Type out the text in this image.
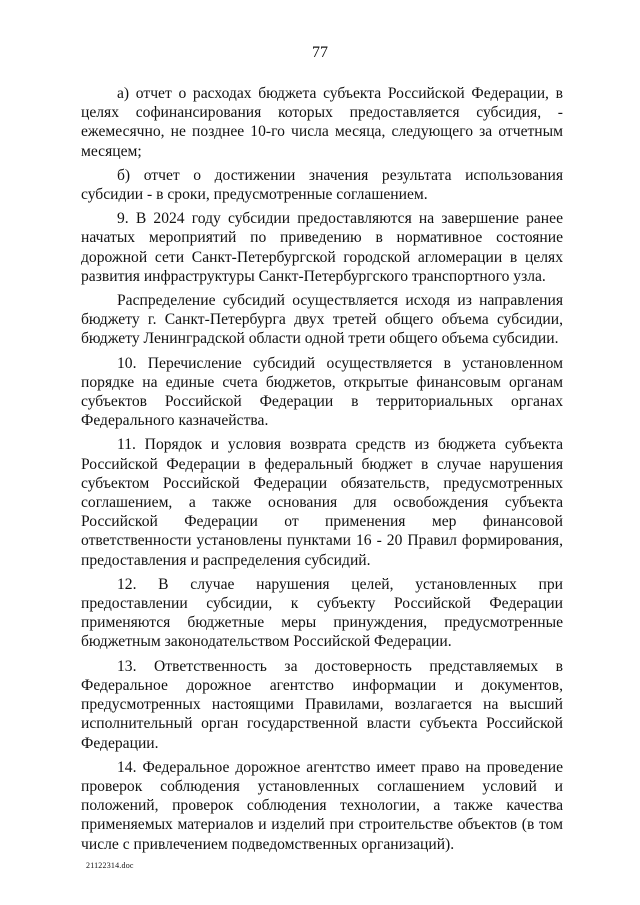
77

а) отчет о расходах бюджета субъекта Российской Федерации, в целях софинансирования которых предоставляется субсидия, - ежемесячно, не позднее 10-го числа месяца, следующего за отчетным месяцем;

б) отчет о достижении значения результата использования субсидии - в сроки, предусмотренные соглашением.

9. В 2024 году субсидии предоставляются на завершение ранее начатых мероприятий по приведению в нормативное состояние дорожной сети Санкт-Петербургской городской агломерации в целях развития инфраструктуры Санкт-Петербургского транспортного узла.

Распределение субсидий осуществляется исходя из направления бюджету г. Санкт-Петербурга двух третей общего объема субсидии, бюджету Ленинградской области одной трети общего объема субсидии.

10. Перечисление субсидий осуществляется в установленном порядке на единые счета бюджетов, открытые финансовым органам субъектов Российской Федерации в территориальных органах Федерального казначейства.

11. Порядок и условия возврата средств из бюджета субъекта Российской Федерации в федеральный бюджет в случае нарушения субъектом Российской Федерации обязательств, предусмотренных соглашением, а также основания для освобождения субъекта Российской Федерации от применения мер финансовой ответственности установлены пунктами 16 - 20 Правил формирования, предоставления и распределения субсидий.

12. В случае нарушения целей, установленных при предоставлении субсидии, к субъекту Российской Федерации применяются бюджетные меры принуждения, предусмотренные бюджетным законодательством Российской Федерации.

13. Ответственность за достоверность представляемых в Федеральное дорожное агентство информации и документов, предусмотренных настоящими Правилами, возлагается на высший исполнительный орган государственной власти субъекта Российской Федерации.

14. Федеральное дорожное агентство имеет право на проведение проверок соблюдения установленных соглашением условий и положений, проверок соблюдения технологии, а также качества применяемых материалов и изделий при строительстве объектов (в том числе с привлечением подведомственных организаций).

21122314.doc
